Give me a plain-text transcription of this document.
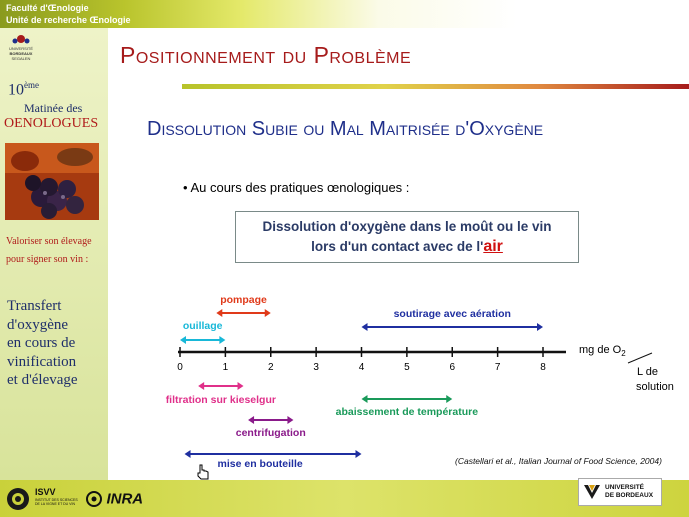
Faculté d'Œnologie
Unité de recherche Œnologie
UNIVERSITÉ
BORDEAUX
SEGALEN
10ème
Matinée des
OENOLOGUES
Valoriser son élevage
pour signer son vin :
Transfert
d'oxygène
en cours de
vinification
et d'élevage
Positionnement du Problème
Dissolution Subie ou Mal Maitrisée d'Oxygène
• Au cours des pratiques œnologiques :
Dissolution d'oxygène dans le moût ou le vin
lors d'un contact avec de l'air
0	1	2	3	4	5	6	7	8
pompage
ouillage
soutirage avec aération
filtration sur kieselgur
abaissement de température
centrifugation
mise en bouteille
mg de $O_2$
L de
solution
(Castellari et al., Italian Journal of Food Science, 2004)
ISVV
INSTITUT DES SCIENCES DE LA VIGNE ET DU VIN	INRA
UNIVERSITÉ
DE BORDEAUX
